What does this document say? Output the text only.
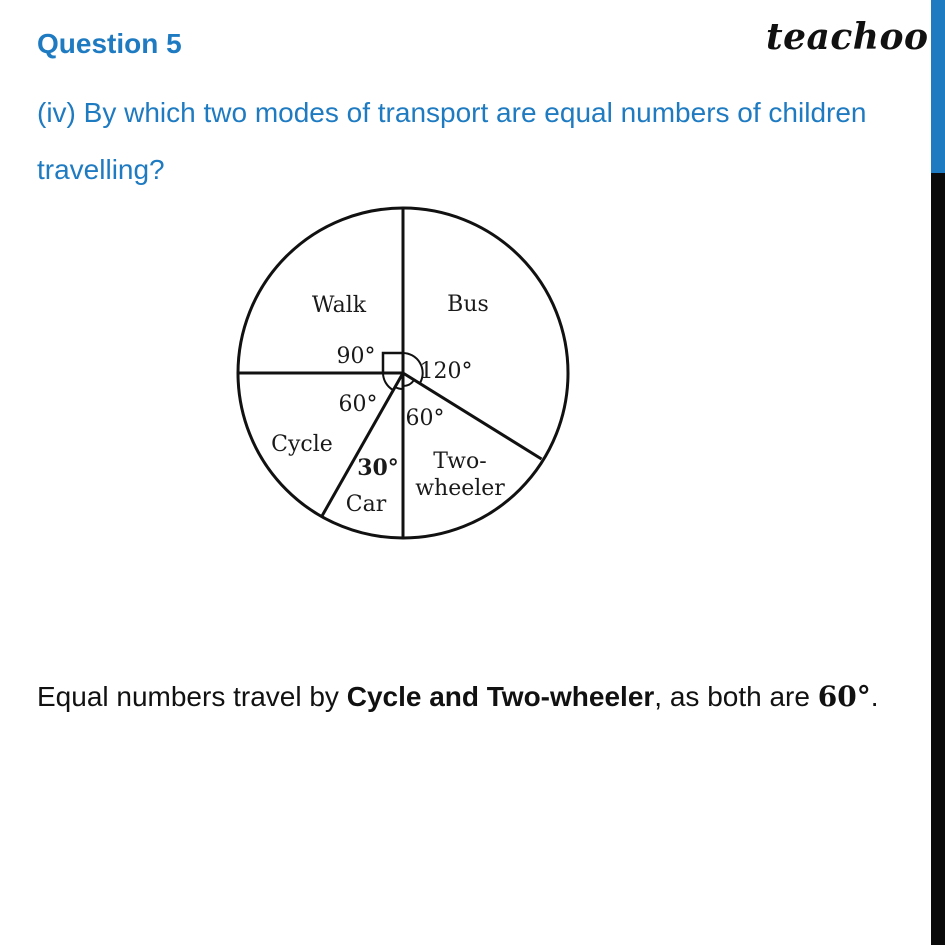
Question 5	teachoo
(iv) By which two modes of transport are equal numbers of children travelling?
Walk	Bus
Two-
wheeler
Car
Cycle
90°
120°
60°
30°
60°
Equal numbers travel by Cycle and Two-wheeler, as both are 60°.
